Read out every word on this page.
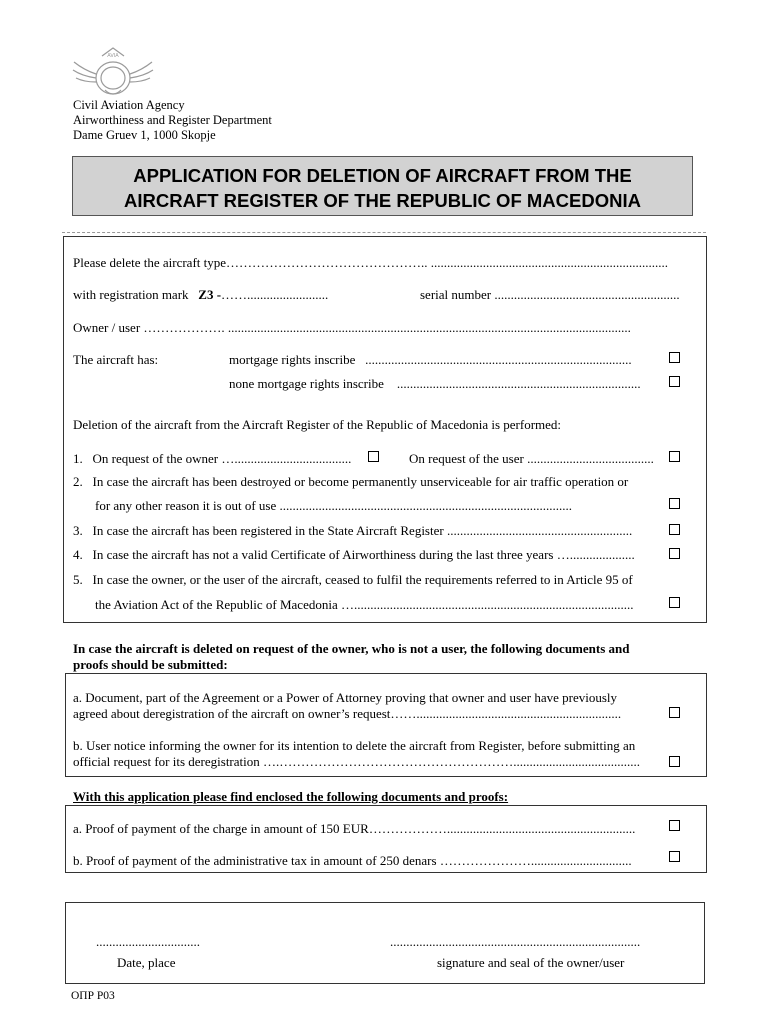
AVIA
Civil Aviation Agency
Airworthiness and Register Department
Dame Gruev 1, 1000 Skopje
APPLICATION FOR DELETION OF AIRCRAFT FROM THE
AIRCRAFT REGISTER OF THE REPUBLIC OF MACEDONIA
Please delete the aircraft type……………………………………….. .........................................................................
with registration mark Z3 -…….........................	serial number .........................................................
Owner / user ………………. ............................................................................................................................
The aircraft has:	mortgage rights inscribe ..................................................................................
none mortgage rights inscribe ...........................................................................
Deletion of the aircraft from the Aircraft Register of the Republic of Macedonia is performed:
1. On request of the owner …....................................	On request of the user .......................................
2. In case the aircraft has been destroyed or become permanently unserviceable for air traffic operation or
for any other reason it is out of use ..........................................................................................
3. In case the aircraft has been registered in the State Aircraft Register .........................................................
4. In case the aircraft has not a valid Certificate of Airworthiness during the last three years …....................
5. In case the owner, or the user of the aircraft, ceased to fulfil the requirements referred to in Article 95 of
the Aviation Act of the Republic of Macedonia …......................................................................................
In case the aircraft is deleted on request of the owner, who is not a user, the following documents and
proofs should be submitted:
a. Document, part of the Agreement or a Power of Attorney proving that owner and user have previously
agreed about deregistration of the aircraft on owner’s request……...............................................................
b. User notice informing the owner for its intention to delete the aircraft from Register, before submitting an
official request for its deregistration ….……………………………………………….......................................
With this application please find enclosed the following documents and proofs:
a. Proof of payment of the charge in amount of 150 EUR………………..........................................................
b. Proof of payment of the administrative tax in amount of 250 denars …………………...............................
................................	.............................................................................
Date, place	signature and seal of the owner/user
ОПР Р03
